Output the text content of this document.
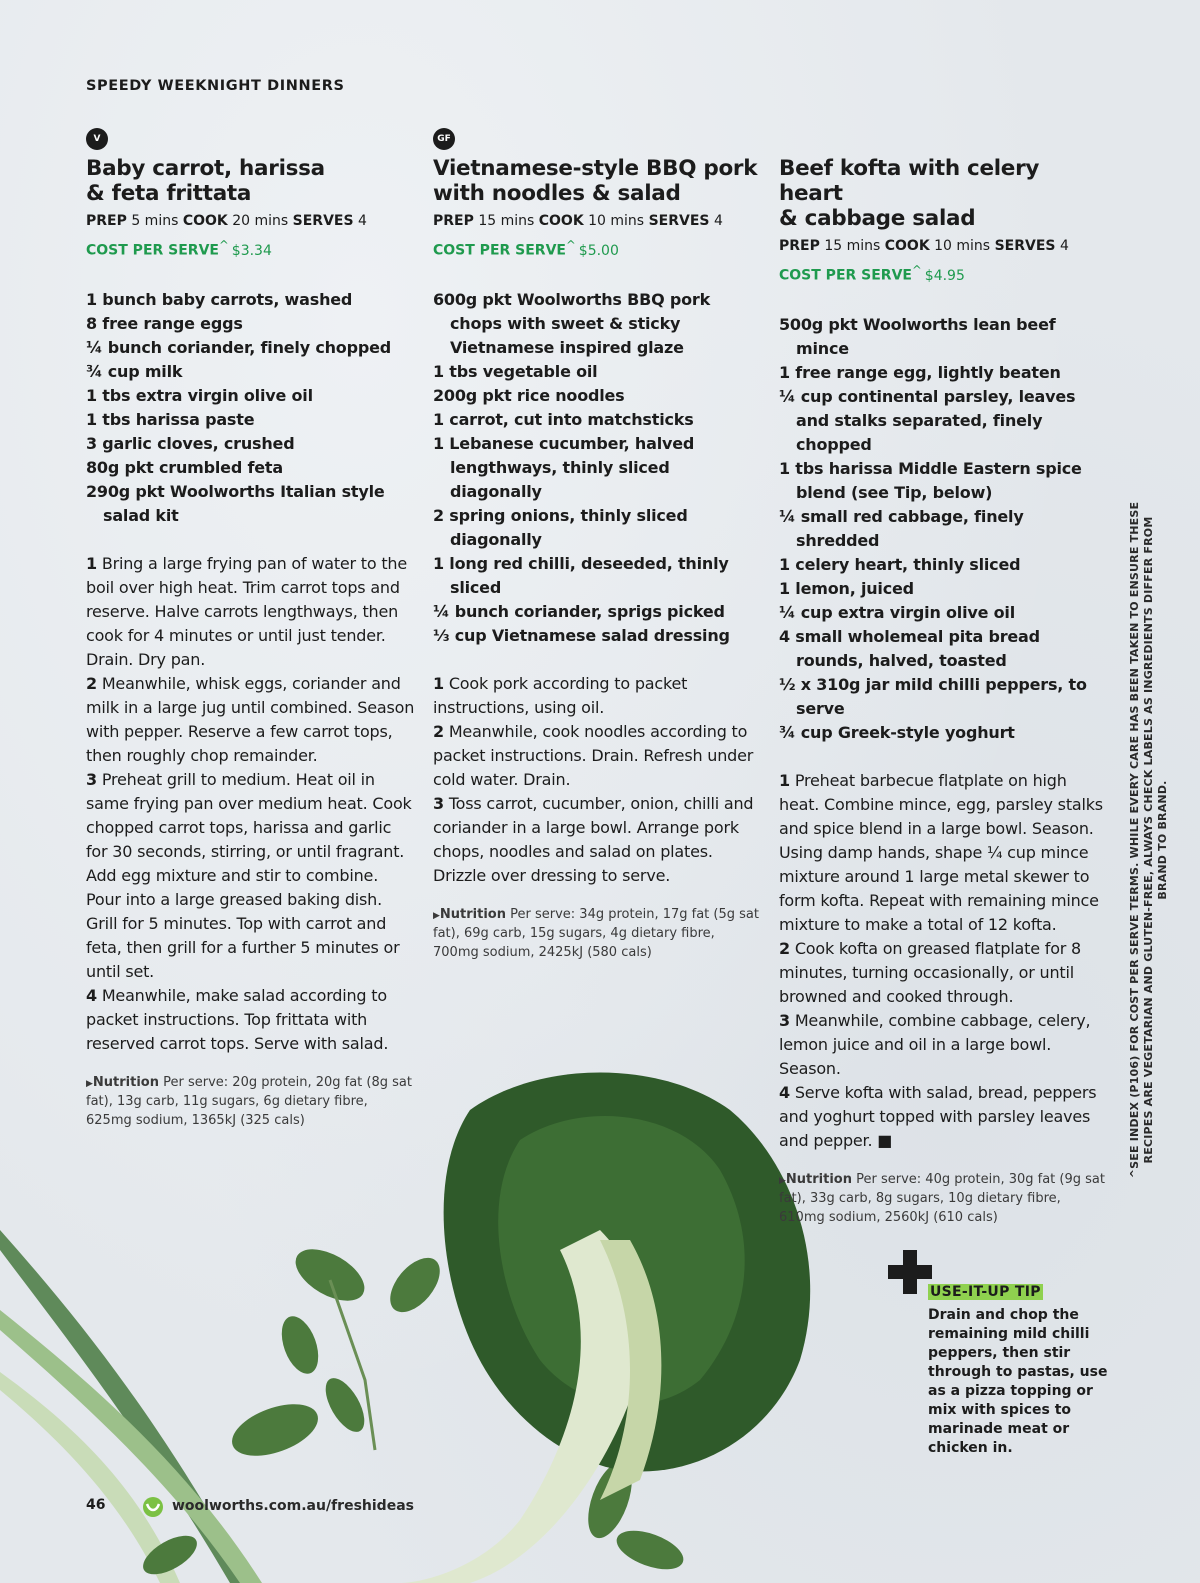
SPEEDY WEEKNIGHT DINNERS
V
Baby carrot, harissa
& feta frittata
PREP 5 mins COOK 20 mins SERVES 4
COST PER SERVE^ $3.34
1 bunch baby carrots, washed
8 free range eggs
¼ bunch coriander, finely chopped
¾ cup milk
1 tbs extra virgin olive oil
1 tbs harissa paste
3 garlic cloves, crushed
80g pkt crumbled feta
290g pkt Woolworths Italian style salad kit

1 Bring a large frying pan of water to the boil over high heat. Trim carrot tops and reserve. Halve carrots lengthways, then cook for 4 minutes or until just tender. Drain. Dry pan.

2 Meanwhile, whisk eggs, coriander and milk in a large jug until combined. Season with pepper. Reserve a few carrot tops, then roughly chop remainder.

3 Preheat grill to medium. Heat oil in same frying pan over medium heat. Cook chopped carrot tops, harissa and garlic for 30 seconds, stirring, or until fragrant. Add egg mixture and stir to combine. Pour into a large greased baking dish. Grill for 5 minutes. Top with carrot and feta, then grill for a further 5 minutes or until set.

4 Meanwhile, make salad according to packet instructions. Top frittata with reserved carrot tops. Serve with salad.

▶Nutrition Per serve: 20g protein, 20g fat (8g sat fat), 13g carb, 11g sugars, 6g dietary fibre, 625mg sodium, 1365kJ (325 cals)
GF
Vietnamese-style BBQ pork
with noodles & salad
PREP 15 mins COOK 10 mins SERVES 4
COST PER SERVE^ $5.00
600g pkt Woolworths BBQ pork chops with sweet & sticky Vietnamese inspired glaze
1 tbs vegetable oil
200g pkt rice noodles
1 carrot, cut into matchsticks
1 Lebanese cucumber, halved lengthways, thinly sliced diagonally
2 spring onions, thinly sliced diagonally
1 long red chilli, deseeded, thinly sliced
¼ bunch coriander, sprigs picked
⅓ cup Vietnamese salad dressing

1 Cook pork according to packet instructions, using oil.

2 Meanwhile, cook noodles according to packet instructions. Drain. Refresh under cold water. Drain.

3 Toss carrot, cucumber, onion, chilli and coriander in a large bowl. Arrange pork chops, noodles and salad on plates. Drizzle over dressing to serve.

▶Nutrition Per serve: 34g protein, 17g fat (5g sat fat), 69g carb, 15g sugars, 4g dietary fibre, 700mg sodium, 2425kJ (580 cals)
Beef kofta with celery heart
& cabbage salad
PREP 15 mins COOK 10 mins SERVES 4
COST PER SERVE^ $4.95
500g pkt Woolworths lean beef mince
1 free range egg, lightly beaten
¼ cup continental parsley, leaves and stalks separated, finely chopped
1 tbs harissa Middle Eastern spice blend (see Tip, below)
¼ small red cabbage, finely shredded
1 celery heart, thinly sliced
1 lemon, juiced
¼ cup extra virgin olive oil
4 small wholemeal pita bread rounds, halved, toasted
½ x 310g jar mild chilli peppers, to serve
¾ cup Greek-style yoghurt

1 Preheat barbecue flatplate on high heat. Combine mince, egg, parsley stalks and spice blend in a large bowl. Season. Using damp hands, shape ¼ cup mince mixture around 1 large metal skewer to form kofta. Repeat with remaining mince mixture to make a total of 12 kofta.

2 Cook kofta on greased flatplate for 8 minutes, turning occasionally, or until browned and cooked through.

3 Meanwhile, combine cabbage, celery, lemon juice and oil in a large bowl. Season.

4 Serve kofta with salad, bread, peppers and yoghurt topped with parsley leaves and pepper. ■

▶Nutrition Per serve: 40g protein, 30g fat (9g sat fat), 33g carb, 8g sugars, 10g dietary fibre, 610mg sodium, 2560kJ (610 cals)
USE-IT-UP TIP
Drain and chop the remaining mild chilli peppers, then stir through to pastas, use as a pizza topping or mix with spices to marinade meat or chicken in.
^SEE INDEX (P106) FOR COST PER SERVE TERMS. WHILE EVERY CARE HAS BEEN TAKEN TO ENSURE THESE RECIPES ARE VEGETARIAN AND GLUTEN-FREE, ALWAYS CHECK LABELS AS INGREDIENTS DIFFER FROM BRAND TO BRAND.
46	woolworths.com.au/freshideas
